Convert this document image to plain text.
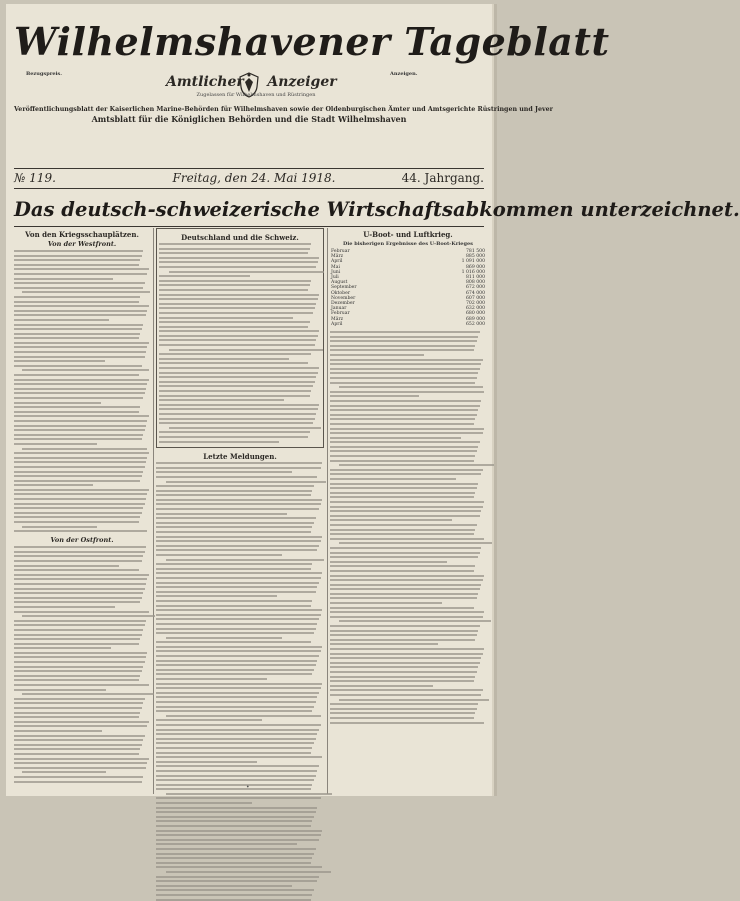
Wilhelmshavener Tageblatt
Bezugspreis.	Amtlicher	Anzeiger
Zugelassen für Wilhelmshaven und Rüstringen
Anzeigen.
Veröffentlichungsblatt der Kaiserlichen Marine-Behörden für Wilhelmshaven sowie der Oldenburgischen Ämter und Amtsgerichte Rüstringen und Jever
Amtsblatt für die Königlichen Behörden und die Stadt Wilhelmshaven
№ 119.	Freitag, den 24. Mai 1918.	44. Jahrgang.
Das deutsch-schweizerische Wirtschaftsabkommen unterzeichnet.
Von den Kriegsschauplätzen.
Von der Westfront.
Von der Ostfront.
Deutschland und die Schweiz.
Letzte Meldungen.
U-Boot- und Luftkrieg.
Die bisherigen Ergebnisse des U-Boot-Krieges
Februar	781 500
März	885 000
April	1 091 000
Mai	869 000
Juni	1 016 000
Juli	811 000
August	808 000
September	672 000
Oktober	674 000
November	607 000
Dezember	702 000
Januar	632 000
Februar	680 000
März	689 000
April	652 000
•
